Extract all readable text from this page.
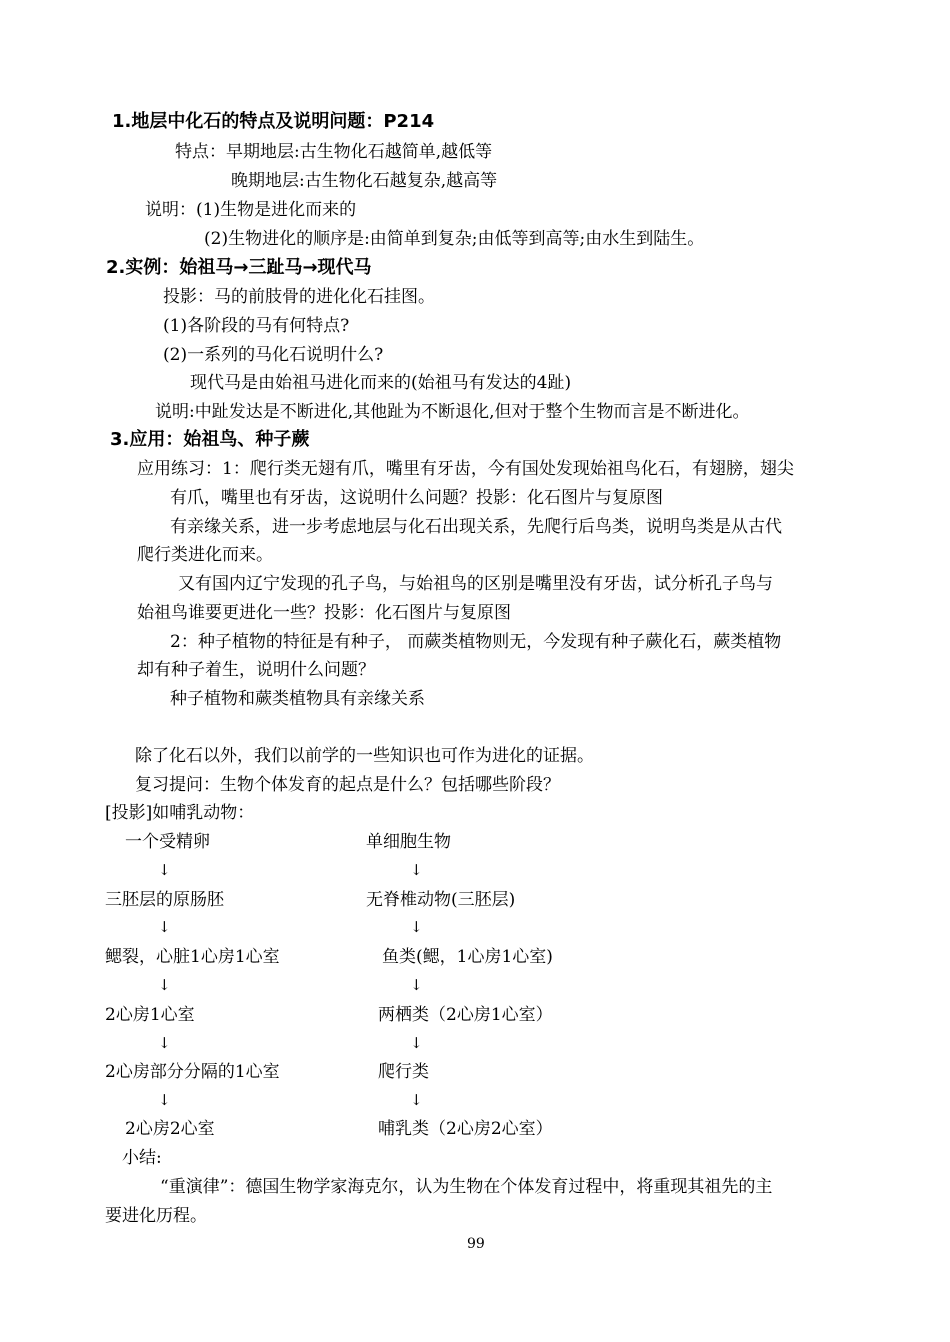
1.地层中化石的特点及说明问题：P214
特点：早期地层:古生物化石越简单,越低等
晚期地层:古生物化石越复杂,越高等
说明：(1)生物是进化而来的
(2)生物进化的顺序是:由简单到复杂;由低等到高等;由水生到陆生。
2.实例：始祖马→三趾马→现代马
投影：马的前肢骨的进化化石挂图。
(1)各阶段的马有何特点?
(2)一系列的马化石说明什么?
现代马是由始祖马进化而来的(始祖马有发达的4趾)
说明:中趾发达是不断进化,其他趾为不断退化,但对于整个生物而言是不断进化。
3.应用：始祖鸟、种子蕨
应用练习：1：爬行类无翅有爪，嘴里有牙齿，今有国处发现始祖鸟化石，有翅膀，翅尖
有爪，嘴里也有牙齿，这说明什么问题？投影：化石图片与复原图
有亲缘关系，进一步考虑地层与化石出现关系，先爬行后鸟类，说明鸟类是从古代
爬行类进化而来。
又有国内辽宁发现的孔子鸟，与始祖鸟的区别是嘴里没有牙齿，试分析孔子鸟与
始祖鸟谁要更进化一些？投影：化石图片与复原图
2：种子植物的特征是有种子， 而蕨类植物则无，今发现有种子蕨化石，蕨类植物
却有种子着生，说明什么问题？
种子植物和蕨类植物具有亲缘关系
除了化石以外，我们以前学的一些知识也可作为进化的证据。
复习提问：生物个体发育的起点是什么？包括哪些阶段？
[投影]如哺乳动物：
一个受精卵
↓
三胚层的原肠胚
↓
鳃裂，心脏1心房1心室
↓
2心房1心室
↓
2心房部分分隔的1心室
↓
2心房2心室
单细胞生物
↓
无脊椎动物(三胚层)
↓
鱼类(鳃，1心房1心室)
↓
两栖类（2心房1心室）
↓
爬行类
↓
哺乳类（2心房2心室）
小结:
“重演律”：德国生物学家海克尔，认为生物在个体发育过程中，将重现其祖先的主
要进化历程。
99
